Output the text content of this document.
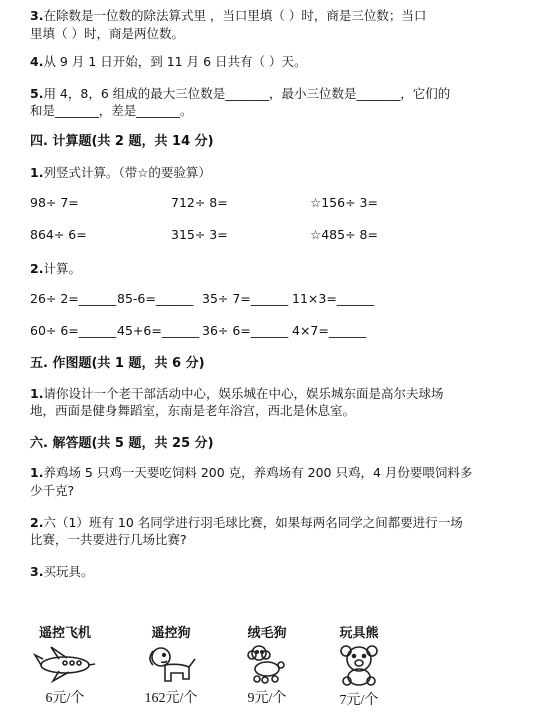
3.在除数是一位数的除法算式里 ，当口里填（ ）时，商是三位数；当口
里填（ ）时，商是两位数。
4.从 9 月 1 日开始，到 11 月 6 日共有（ ）天。
5.用 4，8，6 组成的最大三位数是_______，最小三位数是_______，它们的
和是_______，差是_______。
四. 计算题(共 2 题，共 14 分)
1.列竖式计算。（带☆的要验算）
98÷ 7=	712÷ 8=	☆156÷ 3=
864÷ 6=	315÷ 3=	☆485÷ 8=
2.计算。
26÷ 2=______ 85-6=______ 35÷ 7=______ 11×3=______
60÷ 6=______ 45+6=______ 36÷ 6=______ 4×7=______
五. 作图题(共 1 题，共 6 分)
1.请你设计一个老干部活动中心，娱乐城在中心，娱乐城东面是高尔夫球场
地，西面是健身舞蹈室，东南是老年浴宫，西北是休息室。
六. 解答题(共 5 题，共 25 分)
1.养鸡场 5 只鸡一天要吃饲料 200 克，养鸡场有 200 只鸡，4 月份要喂饲料多
少千克?
2.六（1）班有 10 名同学进行羽毛球比赛，如果每两名同学之间都要进行一场
比赛，一共要进行几场比赛?
3.买玩具。
遥控飞机
6元/个
遥控狗
162元/个
绒毛狗
9元/个
玩具熊
7元/个
